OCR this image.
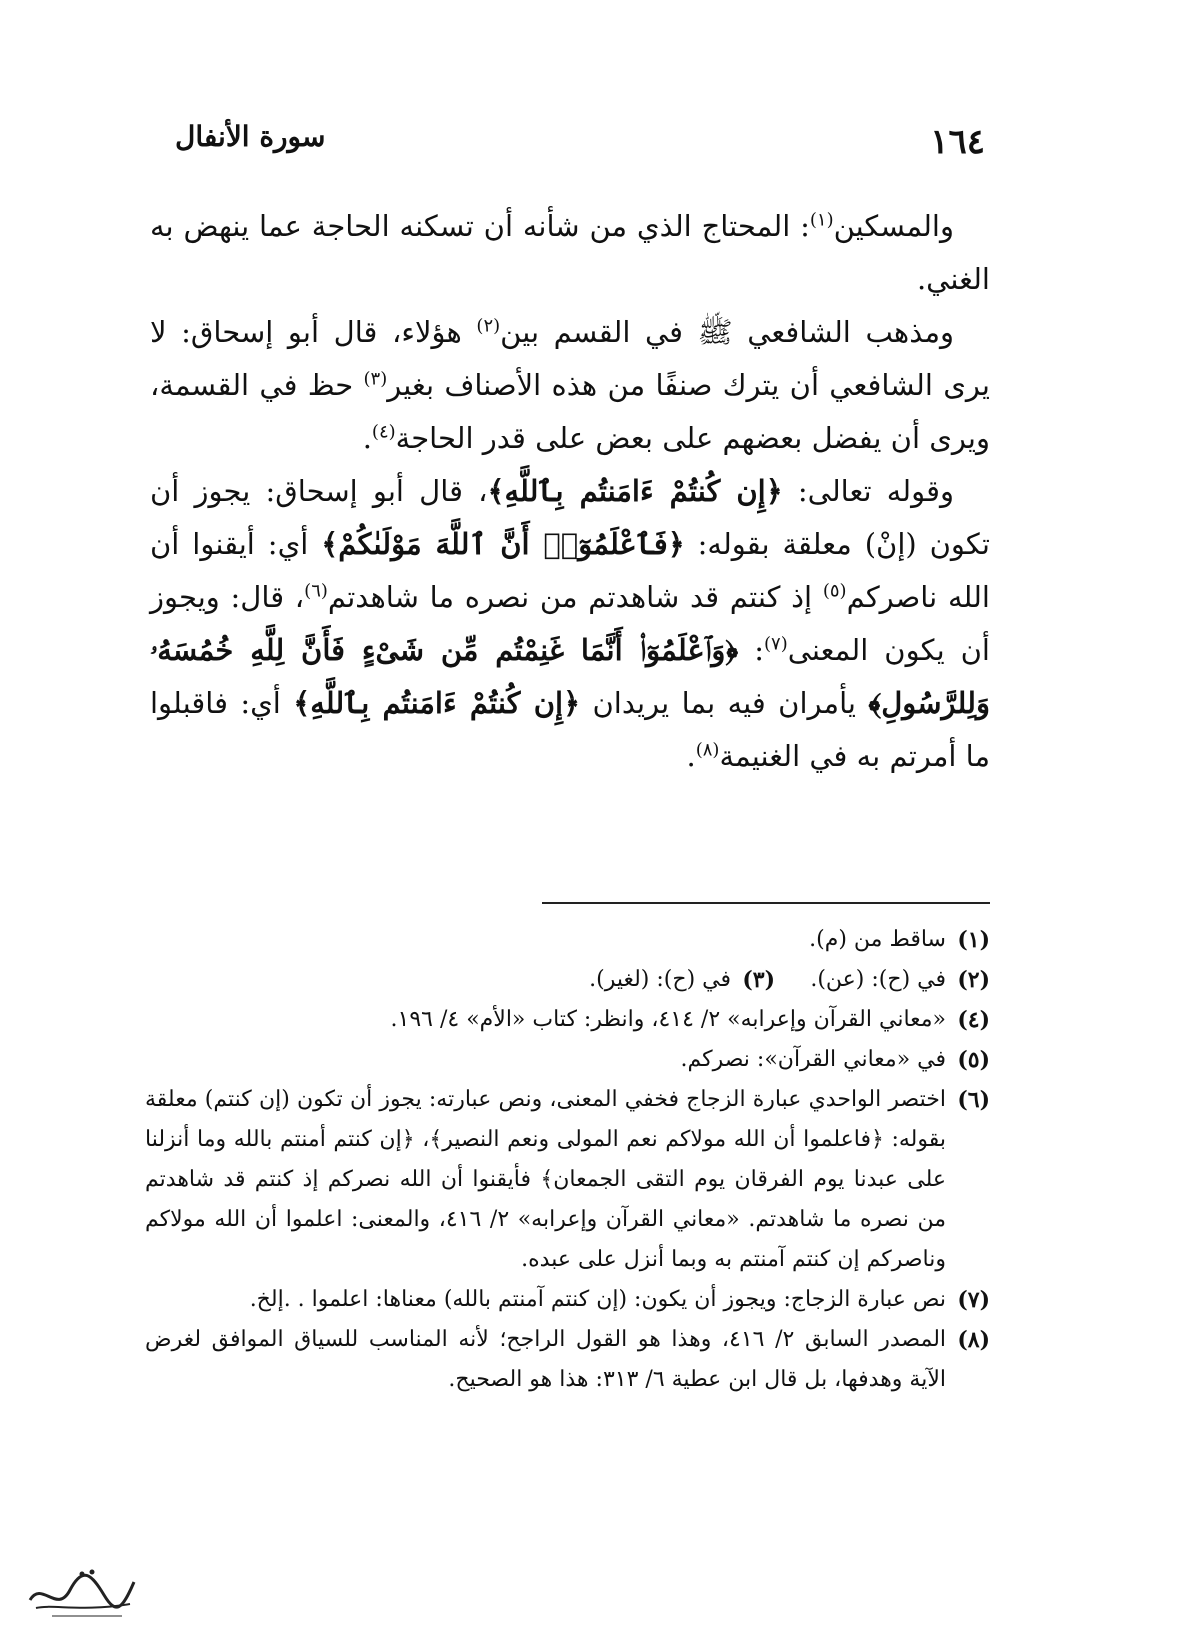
١٦٤
سورة الأنفال

والمسكين$^{(١)}$: المحتاج الذي من شأنه أن تسكنه الحاجة عما ينهض به الغني.

ومذهب الشافعي ﷺ في القسم بين$^{(٢)}$ هؤلاء، قال أبو إسحاق: لا يرى الشافعي أن يترك صنفًا من هذه الأصناف بغير$^{(٣)}$ حظ في القسمة، ويرى أن يفضل بعضهم على بعض على قدر الحاجة$^{(٤)}$.

وقوله تعالى: ﴿إِن كُنتُمْ ءَامَنتُم بِٱللَّهِ﴾، قال أبو إسحاق: يجوز أن تكون (إنْ) معلقة بقوله: ﴿فَٱعْلَمُوٓا۟ أَنَّ ٱللَّهَ مَوْلَىٰكُمْ﴾ أي: أيقنوا أن الله ناصركم$^{(٥)}$ إذ كنتم قد شاهدتم من نصره ما شاهدتم$^{(٦)}$، قال: ويجوز أن يكون المعنى$^{(٧)}$: ﴿وَٱعْلَمُوٓا۟ أَنَّمَا غَنِمْتُم مِّن شَىْءٍ فَأَنَّ لِلَّهِ خُمُسَهُۥ وَلِلرَّسُولِ﴾ يأمران فيه بما يريدان ﴿إِن كُنتُمْ ءَامَنتُم بِٱللَّهِ﴾ أي: فاقبلوا ما أمرتم به في الغنيمة$^{(٨)}$.

(١)
ساقط من (م).
(٢)
في (ح): (عن).
(٣)
في (ح): (لغير).
(٤)
«معاني القرآن وإعرابه» ٢/ ٤١٤، وانظر: كتاب «الأم» ٤/ ١٩٦.
(٥)
في «معاني القرآن»: نصركم.
(٦)
اختصر الواحدي عبارة الزجاج فخفي المعنى، ونص عبارته: يجوز أن تكون (إن كنتم) معلقة بقوله: ﴿فاعلموا أن الله مولاكم نعم المولى ونعم النصير﴾، ﴿إن كنتم أمنتم بالله وما أنزلنا على عبدنا يوم الفرقان يوم التقى الجمعان﴾ فأيقنوا أن الله نصركم إذ كنتم قد شاهدتم من نصره ما شاهدتم. «معاني القرآن وإعرابه» ٢/ ٤١٦، والمعنى: اعلموا أن الله مولاكم وناصركم إن كنتم آمنتم به وبما أنزل على عبده.
(٧)
نص عبارة الزجاج: ويجوز أن يكون: (إن كنتم آمنتم بالله) معناها: اعلموا . .إلخ.
(٨)
المصدر السابق ٢/ ٤١٦، وهذا هو القول الراجح؛ لأنه المناسب للسياق الموافق لغرض الآية وهدفها، بل قال ابن عطية ٦/ ٣١٣: هذا هو الصحيح.
